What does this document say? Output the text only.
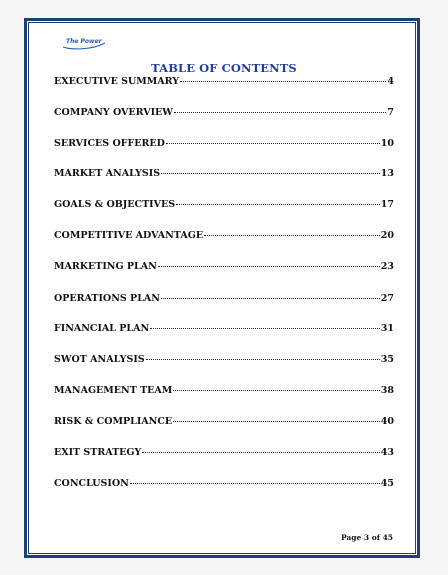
The Power
TABLE OF CONTENTS
EXECUTIVE SUMMARY	4
COMPANY OVERVIEW	7
SERVICES OFFERED	10
MARKET ANALYSIS	13
GOALS & OBJECTIVES	17
COMPETITIVE ADVANTAGE	20
MARKETING PLAN	23
OPERATIONS PLAN	27
FINANCIAL PLAN	31
SWOT ANALYSIS	35
MANAGEMENT TEAM	38
RISK & COMPLIANCE	40
EXIT STRATEGY	43
CONCLUSION	45
Page 3 of 45
